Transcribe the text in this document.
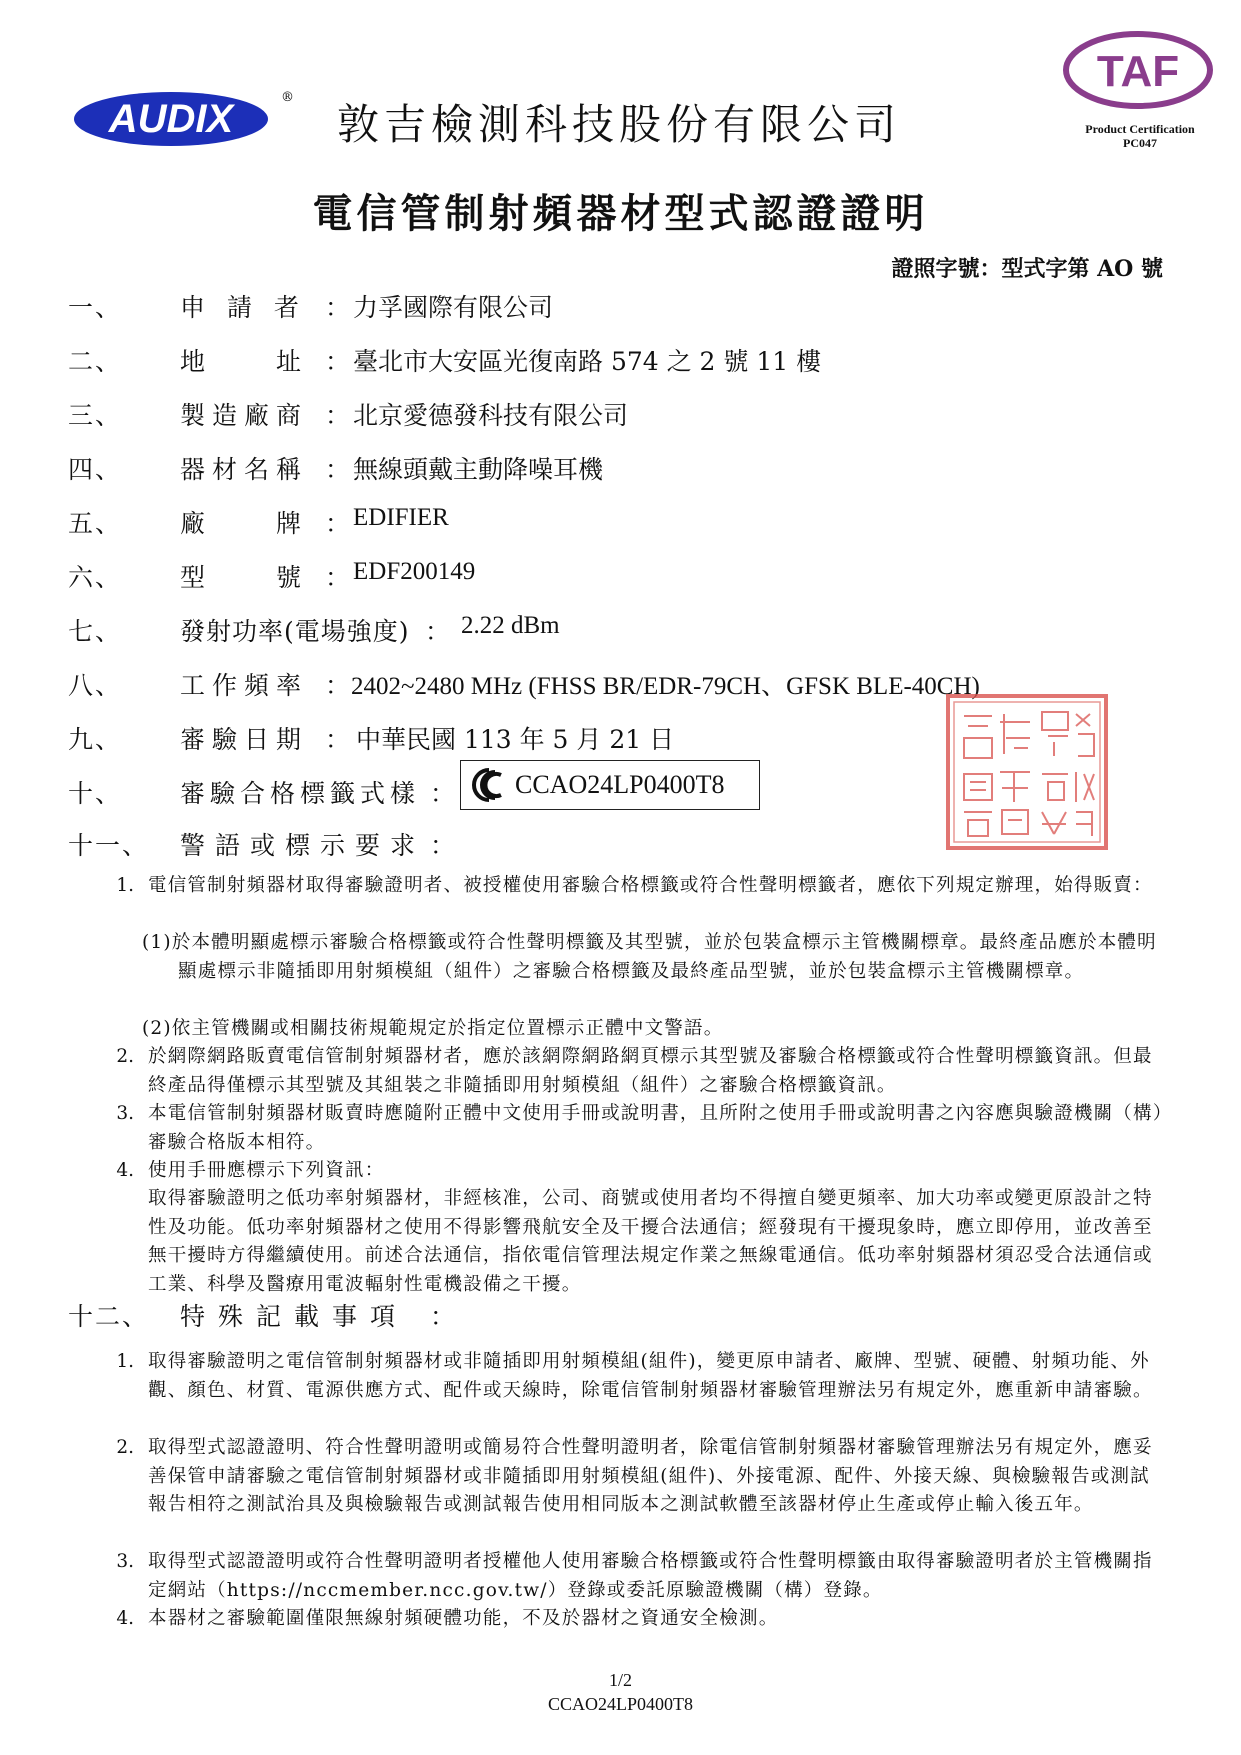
AUDIX	®
敦吉檢測科技股份有限公司
TAF
Product Certification
PC047
電信管制射頻器材型式認證證明
證照字號：型式字第 AO 號
一、 申 請 者 ： 力孚國際有限公司
二、 地　　址 ： 臺北市大安區光復南路 574 之 2 號 11 樓
三、 製造廠商 ： 北京愛德發科技有限公司
四、 器材名稱 ： 無線頭戴主動降噪耳機
五、 廠　　牌 ： EDIFIER
六、 型　　號 ： EDF200149
七、 發射功率(電場強度) ： 2.22 dBm
八、 工作頻率 ： 2402~2480 MHz (FHSS BR/EDR-79CH、GFSK BLE-40CH)
九、 審驗日期 ： 中華民國 113 年 5 月 21 日
十、 審驗合格標籤式樣 ：
十一、 警語或標示要求 ：
CCAO24LP0400T8
1. 電信管制射頻器材取得審驗證明者、被授權使用審驗合格標籤或符合性聲明標籤者，應依下列規定辦理，始得販賣：
(1)於本體明顯處標示審驗合格標籤或符合性聲明標籤及其型號，並於包裝盒標示主管機關標章。最終產品應於本體明顯處標示非隨插即用射頻模組（組件）之審驗合格標籤及最終產品型號，並於包裝盒標示主管機關標章。
(2)依主管機關或相關技術規範規定於指定位置標示正體中文警語。
2. 於網際網路販賣電信管制射頻器材者，應於該網際網路網頁標示其型號及審驗合格標籤或符合性聲明標籤資訊。但最終產品得僅標示其型號及其組裝之非隨插即用射頻模組（組件）之審驗合格標籤資訊。
3. 本電信管制射頻器材販賣時應隨附正體中文使用手冊或說明書，且所附之使用手冊或說明書之內容應與驗證機關（構）審驗合格版本相符。
4. 使用手冊應標示下列資訊：
取得審驗證明之低功率射頻器材，非經核准，公司、商號或使用者均不得擅自變更頻率、加大功率或變更原設計之特性及功能。低功率射頻器材之使用不得影響飛航安全及干擾合法通信；經發現有干擾現象時，應立即停用，並改善至無干擾時方得繼續使用。前述合法通信，指依電信管理法規定作業之無線電通信。低功率射頻器材須忍受合法通信或工業、科學及醫療用電波輻射性電機設備之干擾。
十二、 特殊記載事項 ：
1. 取得審驗證明之電信管制射頻器材或非隨插即用射頻模組(組件)，變更原申請者、廠牌、型號、硬體、射頻功能、外觀、顏色、材質、電源供應方式、配件或天線時，除電信管制射頻器材審驗管理辦法另有規定外，應重新申請審驗。
2. 取得型式認證證明、符合性聲明證明或簡易符合性聲明證明者，除電信管制射頻器材審驗管理辦法另有規定外，應妥善保管申請審驗之電信管制射頻器材或非隨插即用射頻模組(組件)、外接電源、配件、外接天線、與檢驗報告或測試報告相符之測試治具及與檢驗報告或測試報告使用相同版本之測試軟體至該器材停止生產或停止輸入後五年。
3. 取得型式認證證明或符合性聲明證明者授權他人使用審驗合格標籤或符合性聲明標籤由取得審驗證明者於主管機關指定網站（https://nccmember.ncc.gov.tw/）登錄或委託原驗證機關（構）登錄。
4. 本器材之審驗範圍僅限無線射頻硬體功能，不及於器材之資通安全檢測。
1/2
CCAO24LP0400T8
